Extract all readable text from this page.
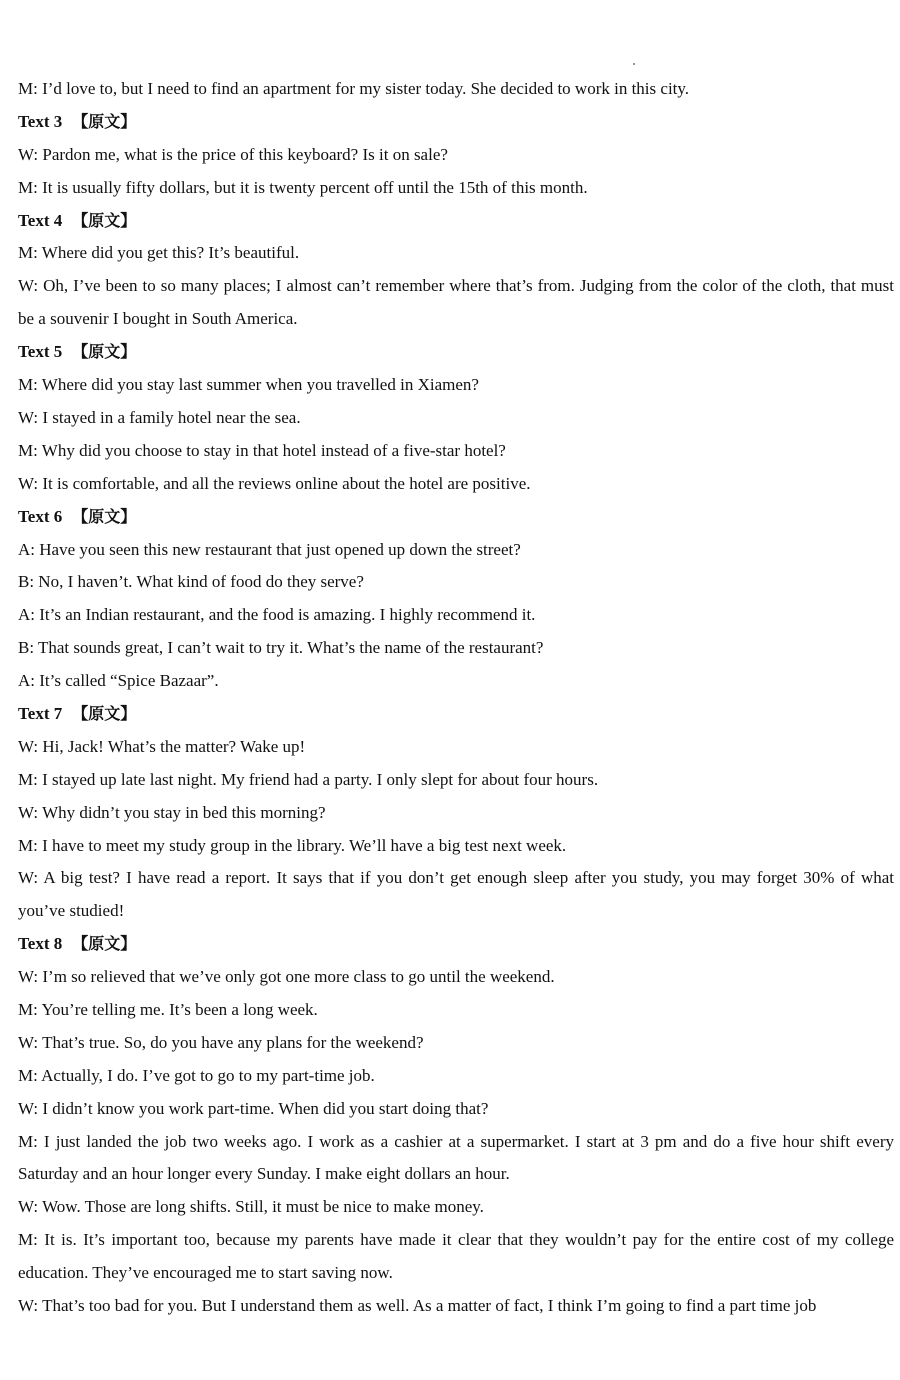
M: I’d love to, but I need to find an apartment for my sister today. She decided to work in this city.

Text 3 【原文】

W: Pardon me, what is the price of this keyboard? Is it on sale?

M: It is usually fifty dollars, but it is twenty percent off until the 15th of this month.

Text 4 【原文】

M: Where did you get this? It’s beautiful.

W: Oh, I’ve been to so many places; I almost can’t remember where that’s from. Judging from the color of the cloth, that must be a souvenir I bought in South America.

Text 5 【原文】

M: Where did you stay last summer when you travelled in Xiamen?

W: I stayed in a family hotel near the sea.

M: Why did you choose to stay in that hotel instead of a five-star hotel?

W: It is comfortable, and all the reviews online about the hotel are positive.

Text 6 【原文】

A: Have you seen this new restaurant that just opened up down the street?

B: No, I haven’t. What kind of food do they serve?

A: It’s an Indian restaurant, and the food is amazing. I highly recommend it.

B: That sounds great, I can’t wait to try it. What’s the name of the restaurant?

A: It’s called “Spice Bazaar”.

Text 7 【原文】

W: Hi, Jack! What’s the matter? Wake up!

M: I stayed up late last night. My friend had a party. I only slept for about four hours.

W: Why didn’t you stay in bed this morning?

M: I have to meet my study group in the library. We’ll have a big test next week.

W: A big test? I have read a report. It says that if you don’t get enough sleep after you study, you may forget 30% of what you’ve studied!

Text 8 【原文】

W: I’m so relieved that we’ve only got one more class to go until the weekend.

M: You’re telling me. It’s been a long week.

W: That’s true. So, do you have any plans for the weekend?

M: Actually, I do. I’ve got to go to my part-time job.

W: I didn’t know you work part-time. When did you start doing that?

M: I just landed the job two weeks ago. I work as a cashier at a supermarket. I start at 3 pm and do a five hour shift every Saturday and an hour longer every Sunday. I make eight dollars an hour.

W: Wow. Those are long shifts. Still, it must be nice to make money.

M: It is. It’s important too, because my parents have made it clear that they wouldn’t pay for the entire cost of my college education. They’ve encouraged me to start saving now.

W: That’s too bad for you. But I understand them as well. As a matter of fact, I think I’m going to find a part time job
